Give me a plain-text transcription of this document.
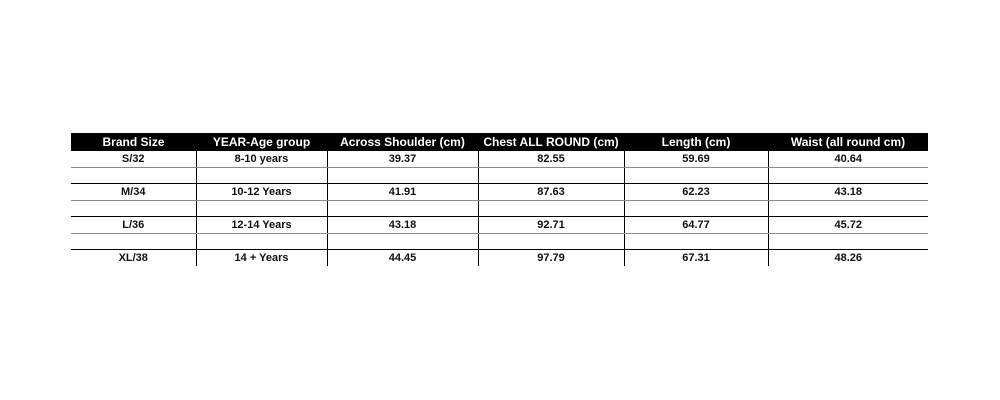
Brand Size	YEAR-Age group	Across Shoulder (cm)	Chest ALL ROUND (cm)	Length (cm)	Waist (all round cm)
S/32	8-10 years	39.37	82.55	59.69	40.64

M/34	10-12 Years	41.91	87.63	62.23	43.18

L/36	12-14 Years	43.18	92.71	64.77	45.72

XL/38	14 + Years	44.45	97.79	67.31	48.26
